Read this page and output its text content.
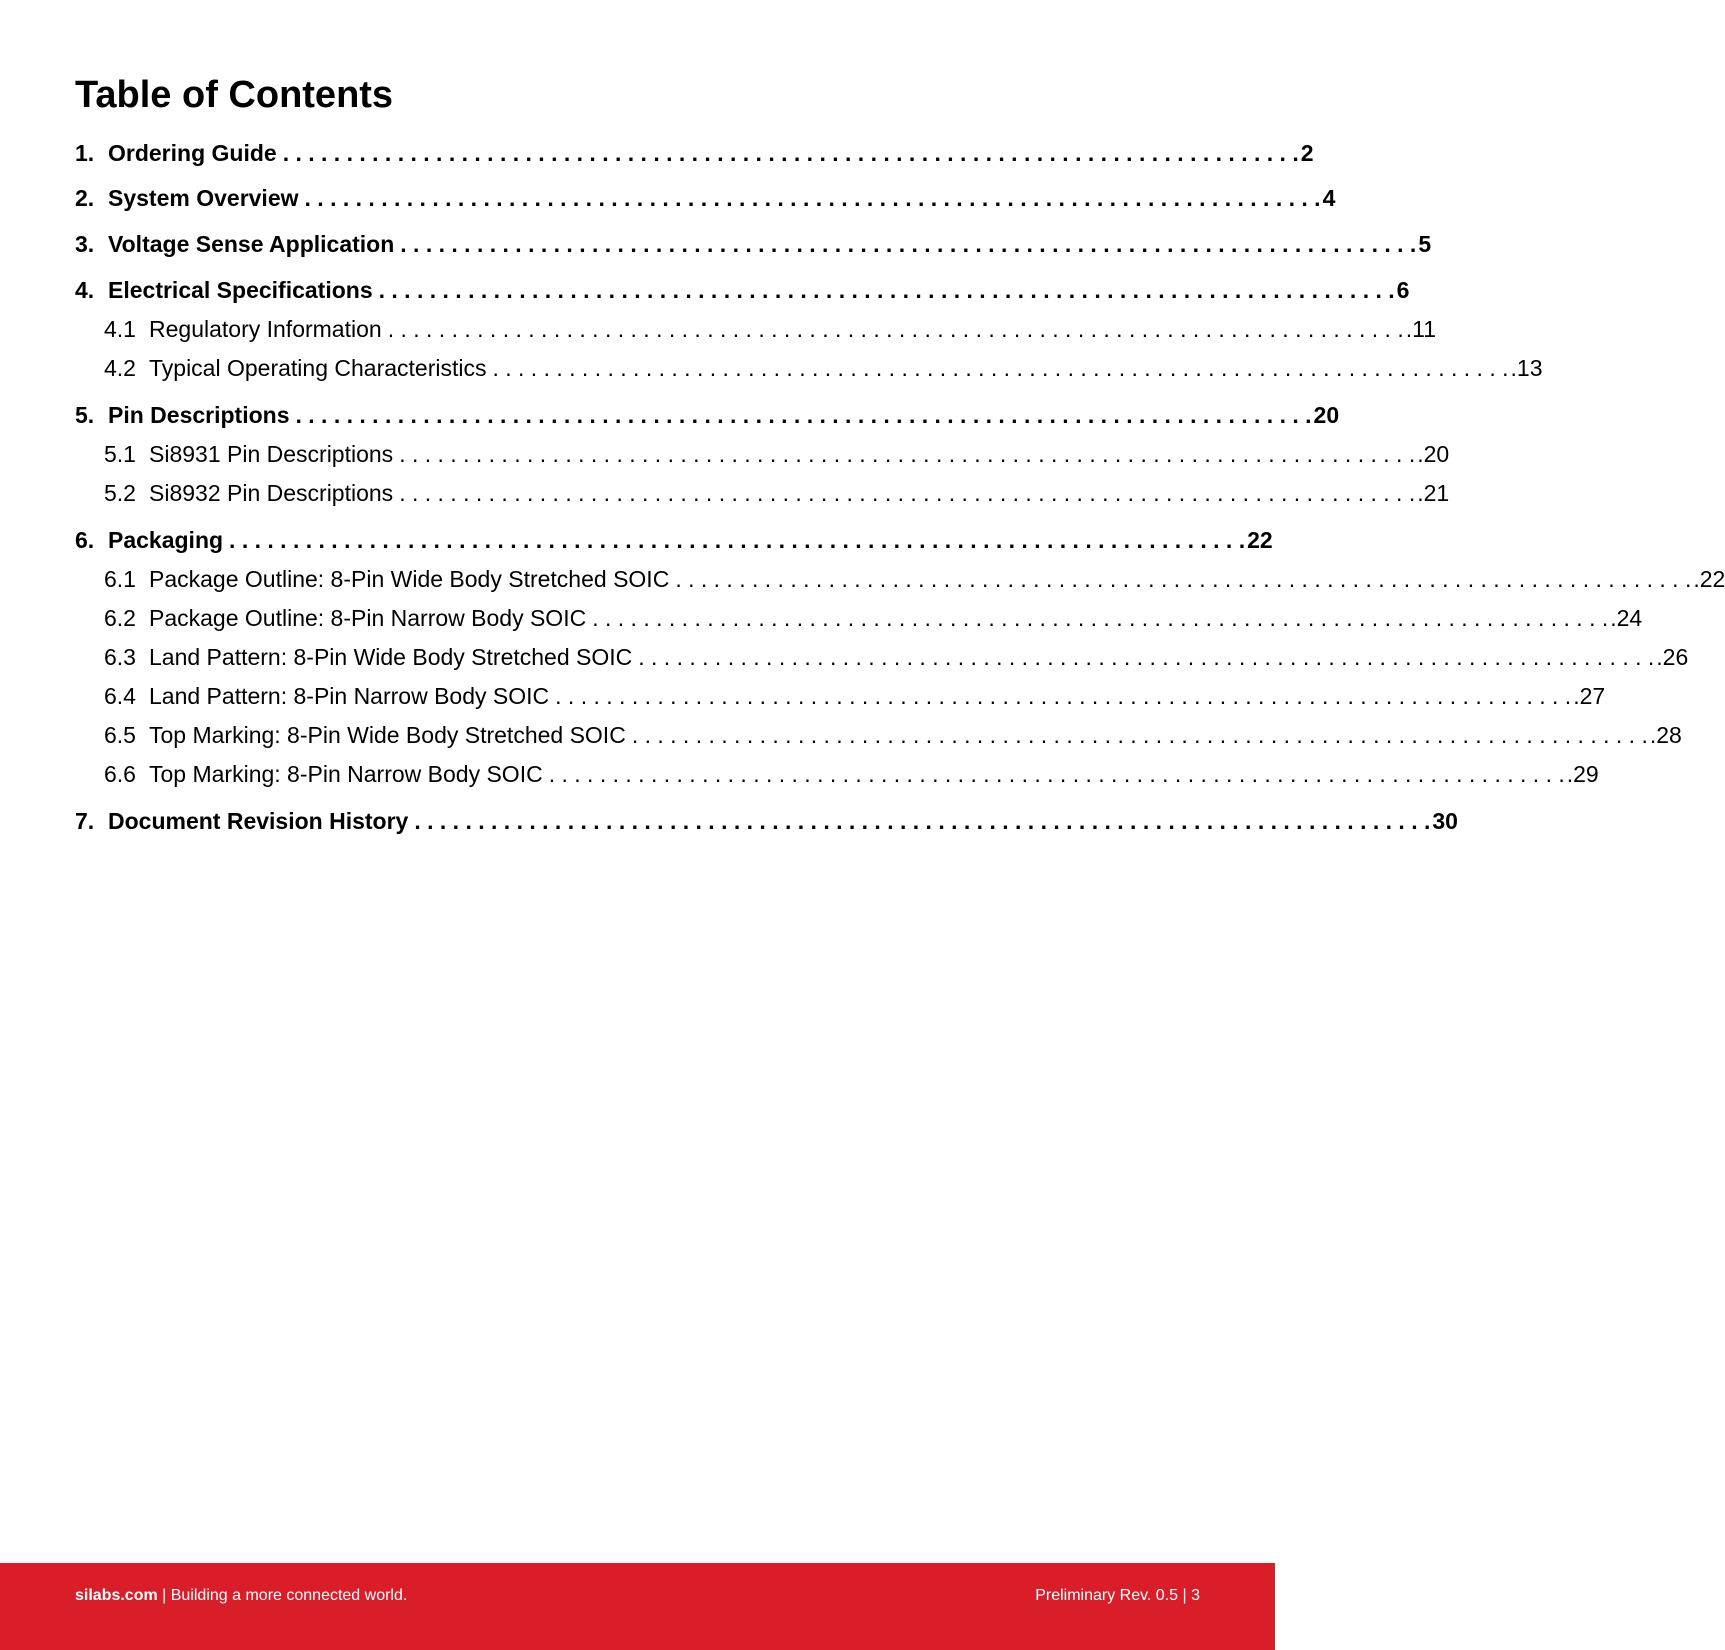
Table of Contents
1. Ordering Guide . . . . . . . . . . . . . . . . . . . . . . . . . . . . . . . . . . . . . . . . . . . . . . . . . . . . . . . . . . . . . . . . . . . . . . . . . . . . . . . . 2
2. System Overview . . . . . . . . . . . . . . . . . . . . . . . . . . . . . . . . . . . . . . . . . . . . . . . . . . . . . . . . . . . . . . . . . . . . . . . . . . . . . . . . 4
3. Voltage Sense Application . . . . . . . . . . . . . . . . . . . . . . . . . . . . . . . . . . . . . . . . . . . . . . . . . . . . . . . . . . . . . . . . . . . . . . . . . . . . . . . . 5
4. Electrical Specifications . . . . . . . . . . . . . . . . . . . . . . . . . . . . . . . . . . . . . . . . . . . . . . . . . . . . . . . . . . . . . . . . . . . . . . . . . . . . . . . . 6
4.1 Regulatory Information . . . . . . . . . . . . . . . . . . . . . . . . . . . . . . . . . . . . . . . . . . . . . . . . . . . . . . . . . . . . . . . . . . . . . . . . . . . . . . . . .11
4.2 Typical Operating Characteristics . . . . . . . . . . . . . . . . . . . . . . . . . . . . . . . . . . . . . . . . . . . . . . . . . . . . . . . . . . . . . . . . . . . . . . . . . . . . . . . . .13
5. Pin Descriptions . . . . . . . . . . . . . . . . . . . . . . . . . . . . . . . . . . . . . . . . . . . . . . . . . . . . . . . . . . . . . . . . . . . . . . . . . . . . . . . . 20
5.1 Si8931 Pin Descriptions . . . . . . . . . . . . . . . . . . . . . . . . . . . . . . . . . . . . . . . . . . . . . . . . . . . . . . . . . . . . . . . . . . . . . . . . . . . . . . . . .20
5.2 Si8932 Pin Descriptions . . . . . . . . . . . . . . . . . . . . . . . . . . . . . . . . . . . . . . . . . . . . . . . . . . . . . . . . . . . . . . . . . . . . . . . . . . . . . . . . .21
6. Packaging . . . . . . . . . . . . . . . . . . . . . . . . . . . . . . . . . . . . . . . . . . . . . . . . . . . . . . . . . . . . . . . . . . . . . . . . . . . . . . . . 22
6.1 Package Outline: 8-Pin Wide Body Stretched SOIC . . . . . . . . . . . . . . . . . . . . . . . . . . . . . . . . . . . . . . . . . . . . . . . . . . . . . . . . . . . . . . . . . . . . . . . . . . . . . . . . .22
6.2 Package Outline: 8-Pin Narrow Body SOIC . . . . . . . . . . . . . . . . . . . . . . . . . . . . . . . . . . . . . . . . . . . . . . . . . . . . . . . . . . . . . . . . . . . . . . . . . . . . . . . . .24
6.3 Land Pattern: 8-Pin Wide Body Stretched SOIC . . . . . . . . . . . . . . . . . . . . . . . . . . . . . . . . . . . . . . . . . . . . . . . . . . . . . . . . . . . . . . . . . . . . . . . . . . . . . . . . .26
6.4 Land Pattern: 8-Pin Narrow Body SOIC . . . . . . . . . . . . . . . . . . . . . . . . . . . . . . . . . . . . . . . . . . . . . . . . . . . . . . . . . . . . . . . . . . . . . . . . . . . . . . . . .27
6.5 Top Marking: 8-Pin Wide Body Stretched SOIC . . . . . . . . . . . . . . . . . . . . . . . . . . . . . . . . . . . . . . . . . . . . . . . . . . . . . . . . . . . . . . . . . . . . . . . . . . . . . . . . .28
6.6 Top Marking: 8-Pin Narrow Body SOIC . . . . . . . . . . . . . . . . . . . . . . . . . . . . . . . . . . . . . . . . . . . . . . . . . . . . . . . . . . . . . . . . . . . . . . . . . . . . . . . . .29
7. Document Revision History . . . . . . . . . . . . . . . . . . . . . . . . . . . . . . . . . . . . . . . . . . . . . . . . . . . . . . . . . . . . . . . . . . . . . . . . . . . . . . . . 30
silabs.com | Building a more connected world.	Preliminary Rev. 0.5 | 3
